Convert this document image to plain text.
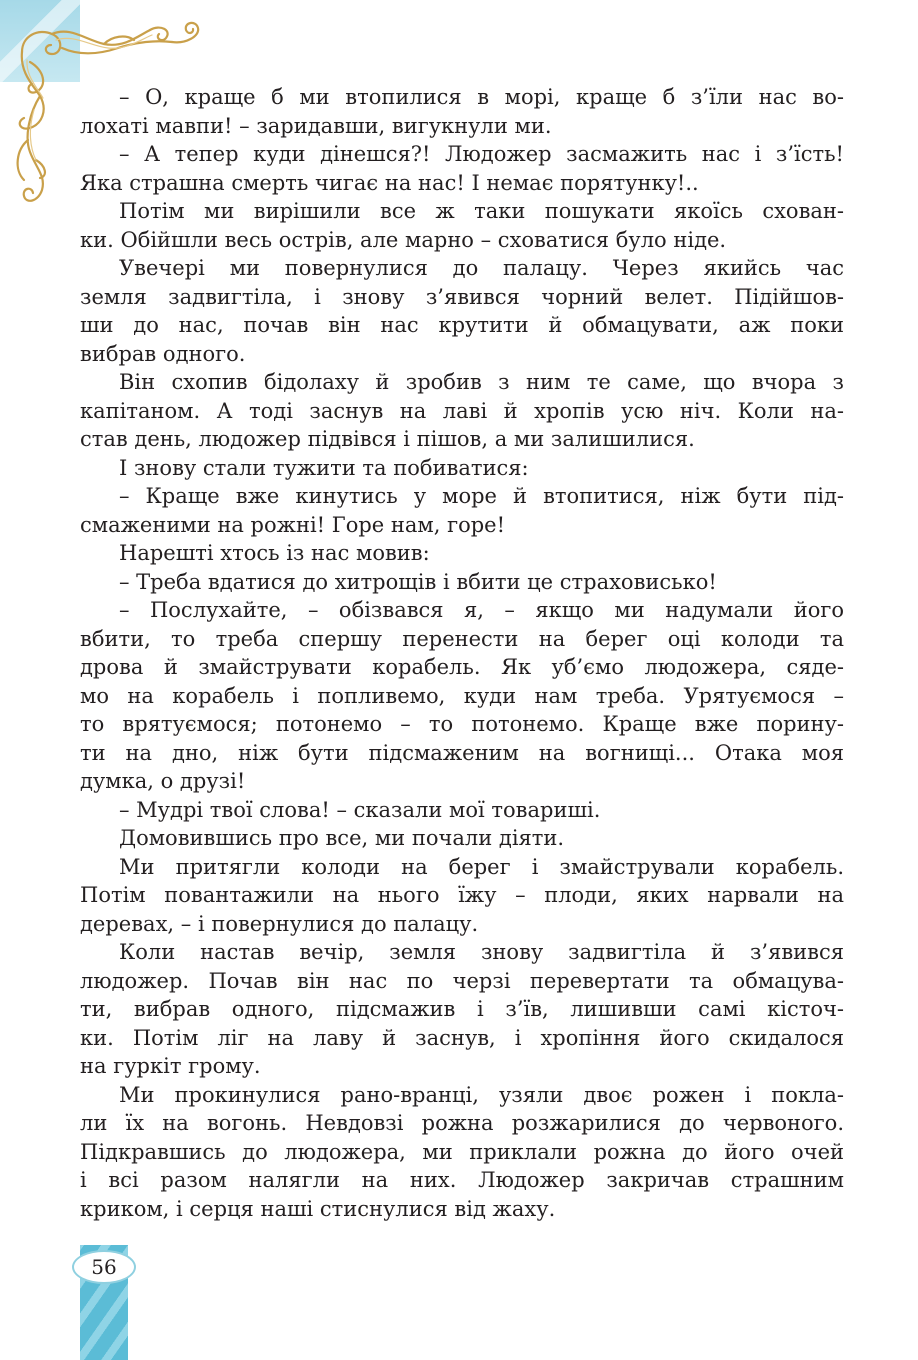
– О, краще б ми втопилися в морі, краще б з’їли нас во-
лохаті мавпи! – заридавши, вигукнули ми.
– А тепер куди дінешся?! Людожер засмажить нас і з’їсть!
Яка страшна смерть чигає на нас! І немає порятунку!..
Потім ми вирішили все ж таки пошукати якоїсь схован-
ки. Обійшли весь острів, але марно – сховатися було ніде.
Увечері ми повернулися до палацу. Через якийсь час
земля задвигтіла, і знову з’явився чорний велет. Підійшов-
ши до нас, почав він нас крутити й обмацувати, аж поки
вибрав одного.
Він схопив бідолаху й зробив з ним те саме, що вчора з
капітаном. А тоді заснув на лаві й хропів усю ніч. Коли на-
став день, людожер підвівся і пішов, а ми залишилися.
І знову стали тужити та побиватися:
– Краще вже кинутись у море й втопитися, ніж бути під-
смаженими на рожні! Горе нам, горе!
Нарешті хтось із нас мовив:
– Треба вдатися до хитрощів і вбити це страховисько!
– Послухайте, – обізвався я, – якщо ми надумали його
вбити, то треба спершу перенести на берег оці колоди та
дрова й змайструвати корабель. Як уб’ємо людожера, сяде-
мо на корабель і попливемо, куди нам треба. Урятуємося –
то врятуємося; потонемо – то потонемо. Краще вже порину-
ти на дно, ніж бути підсмаженим на вогнищі... Отака моя
думка, о друзі!
– Мудрі твої слова! – сказали мої товариші.
Домовившись про все, ми почали діяти.
Ми притягли колоди на берег і змайстрували корабель.
Потім повантажили на нього їжу – плоди, яких нарвали на
деревах, – і повернулися до палацу.
Коли настав вечір, земля знову задвигтіла й з’явився
людожер. Почав він нас по черзі перевертати та обмацува-
ти, вибрав одного, підсмажив і з’їв, лишивши самі кісточ-
ки. Потім ліг на лаву й заснув, і хропіння його скидалося
на гуркіт грому.
Ми прокинулися рано-вранці, узяли двоє рожен і покла-
ли їх на вогонь. Невдовзі рожна розжарилися до червоного.
Підкравшись до людожера, ми приклали рожна до його очей
і всі разом налягли на них. Людожер закричав страшним
криком, і серця наші стиснулися від жаху.
56
